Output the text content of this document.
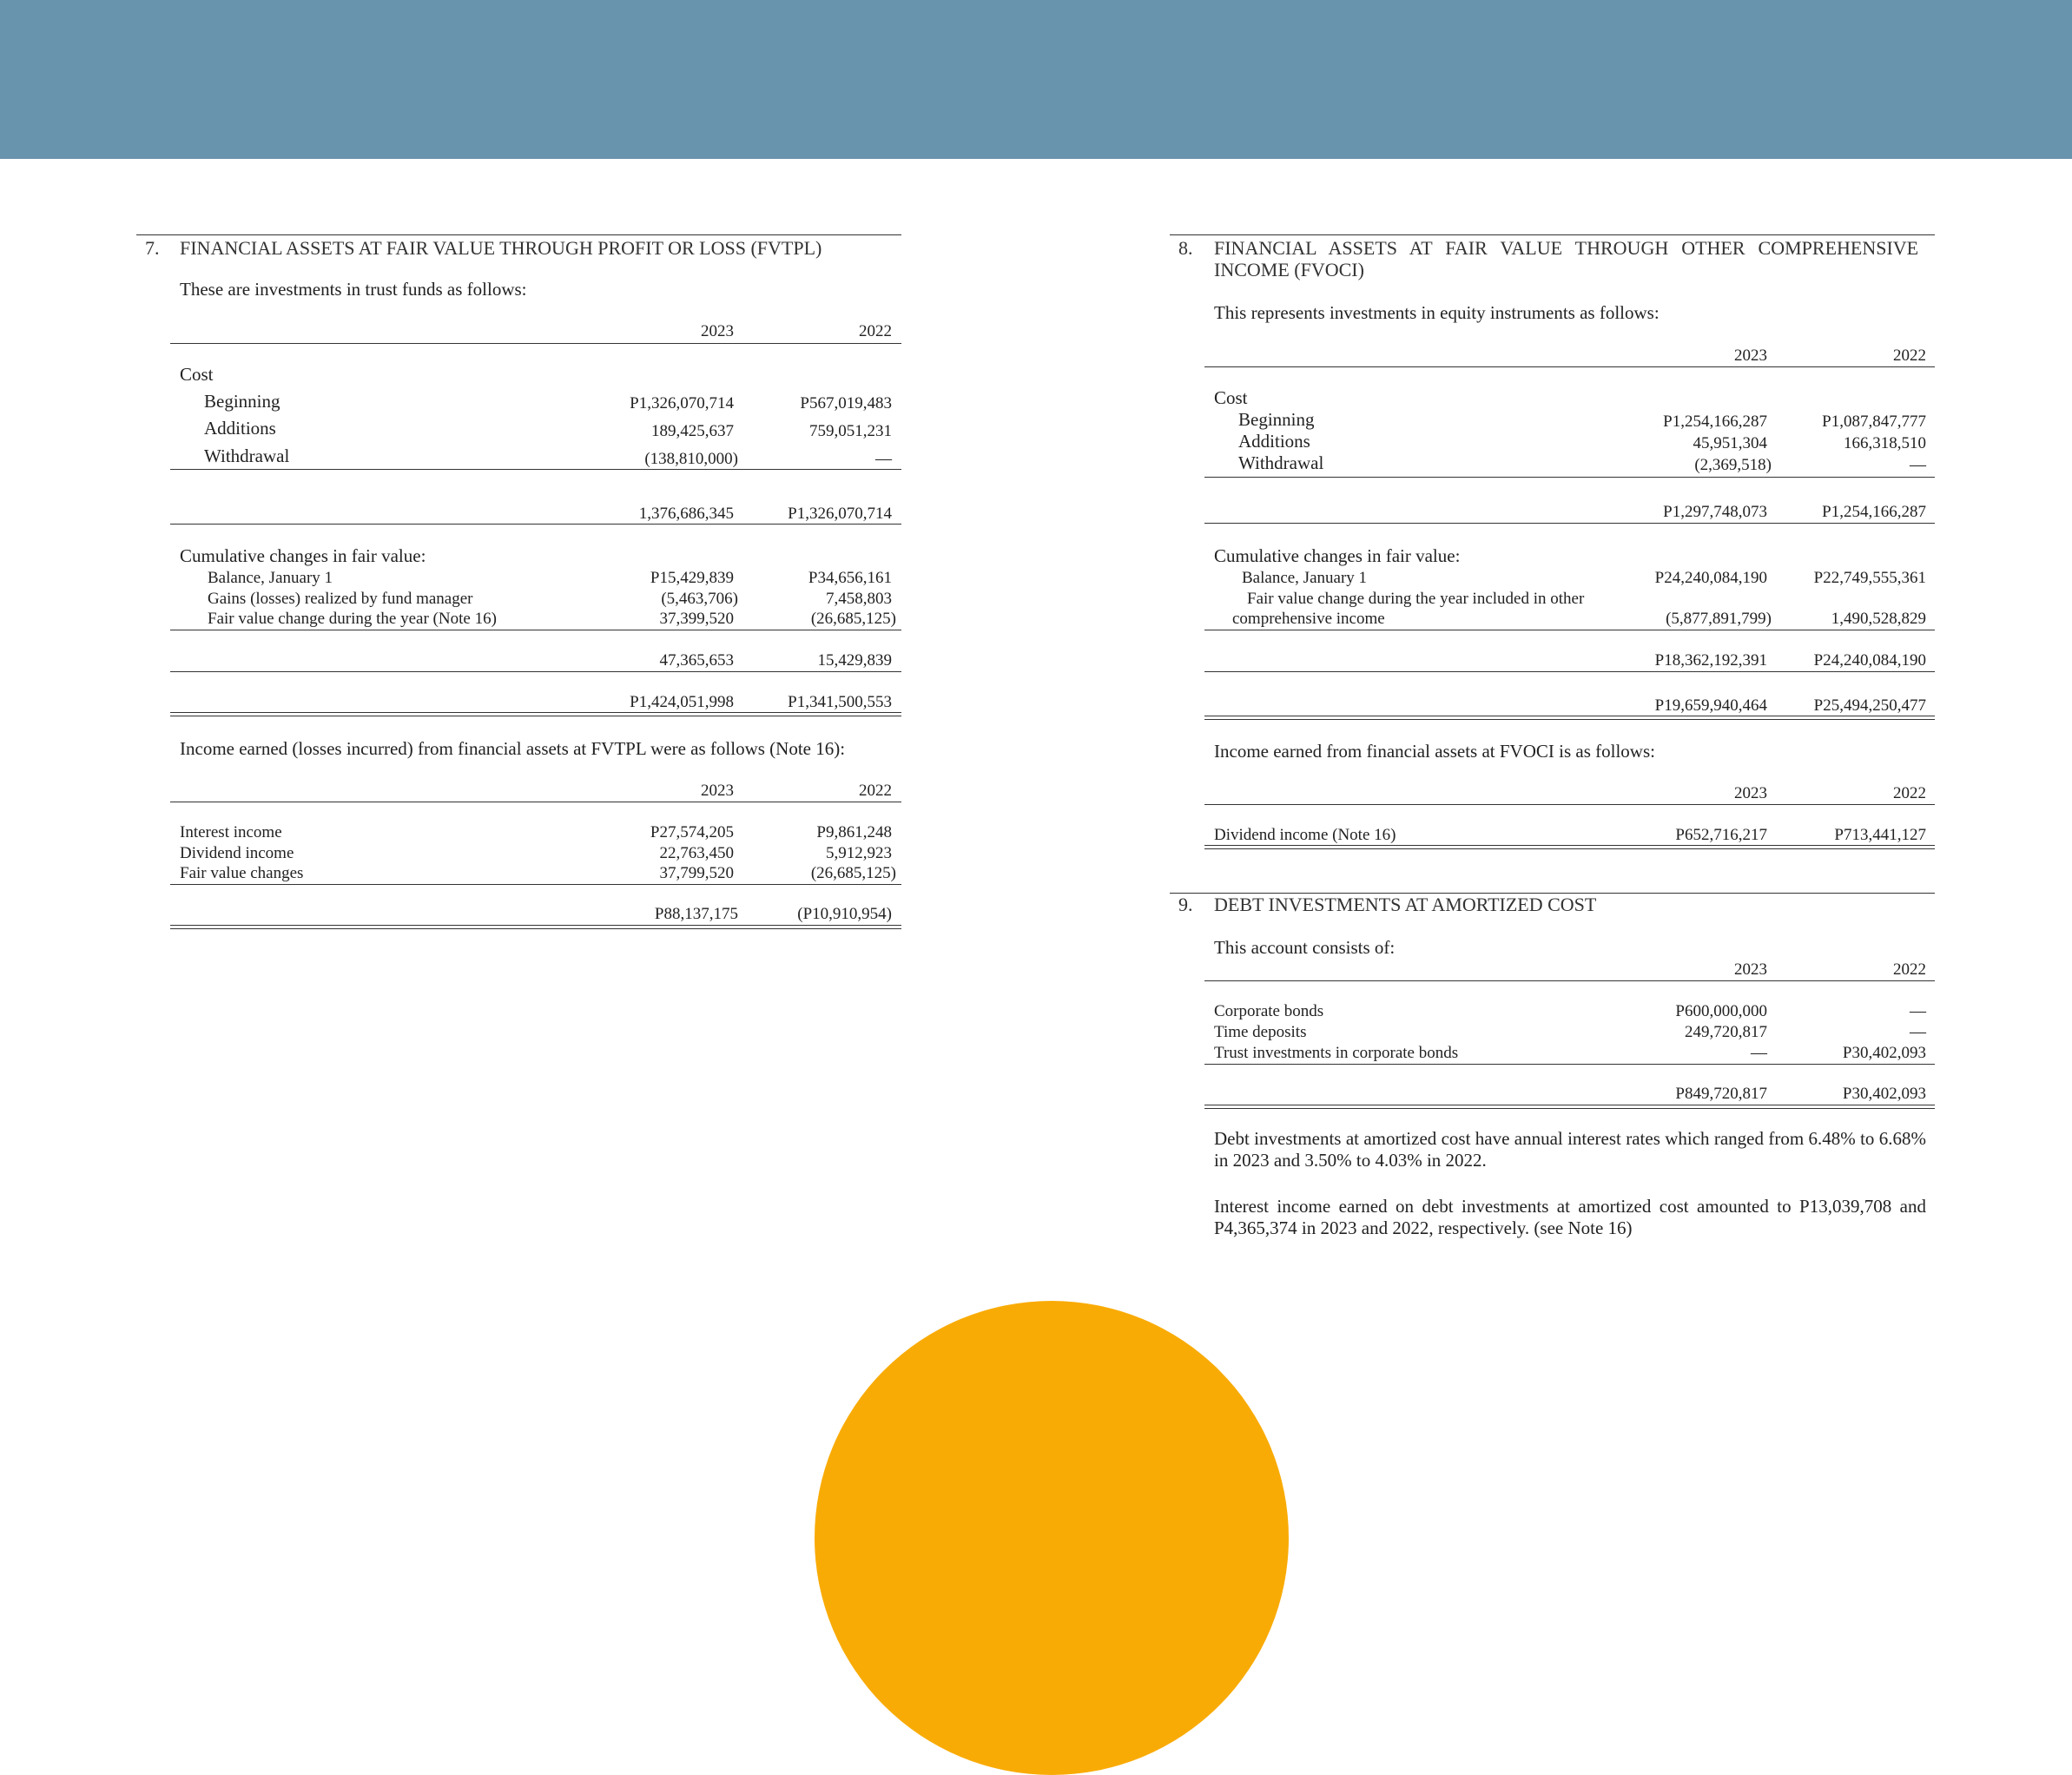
7. FINANCIAL ASSETS AT FAIR VALUE THROUGH PROFIT OR LOSS (FVTPL)
These are investments in trust funds as follows:
2023	2022
Cost
Beginning	P1,326,070,714	P567,019,483
Additions	189,425,637	759,051,231
Withdrawal	(138,810,000)	—
1,376,686,345	P1,326,070,714
Cumulative changes in fair value:
Balance, January 1	P15,429,839	P34,656,161
Gains (losses) realized by fund manager	(5,463,706)	7,458,803
Fair value change during the year (Note 16)	37,399,520	(26,685,125)
47,365,653	15,429,839
P1,424,051,998	P1,341,500,553
Income earned (losses incurred) from financial assets at FVTPL were as follows (Note 16):
2023	2022
Interest income	P27,574,205	P9,861,248
Dividend income	22,763,450	5,912,923
Fair value changes	37,799,520	(26,685,125)
P88,137,175	(P10,910,954)
8. FINANCIAL  ASSETS  AT  FAIR  VALUE  THROUGH  OTHER  COMPREHENSIVE
INCOME (FVOCI)
This represents investments in equity instruments as follows:
2023	2022
Cost
Beginning	P1,254,166,287	P1,087,847,777
Additions	45,951,304	166,318,510
Withdrawal	(2,369,518)	—
P1,297,748,073	P1,254,166,287
Cumulative changes in fair value:
Balance, January 1	P24,240,084,190	P22,749,555,361
Fair value change during the year included in other
comprehensive income	(5,877,891,799)	1,490,528,829
P18,362,192,391	P24,240,084,190
P19,659,940,464	P25,494,250,477
Income earned from financial assets at FVOCI is as follows:
2023	2022
Dividend income (Note 16)	P652,716,217	P713,441,127
9. DEBT INVESTMENTS AT AMORTIZED COST
This account consists of:
2023	2022
Corporate bonds	P600,000,000	—
Time deposits	249,720,817	—
Trust investments in corporate bonds	—	P30,402,093
P849,720,817	P30,402,093
Debt investments at amortized cost have annual interest rates which ranged from 6.48% to 6.68% in 2023 and 3.50% to 4.03% in 2022.
Interest income earned on debt investments at amortized cost amounted to P13,039,708 and P4,365,374 in 2023 and 2022, respectively. (see Note 16)
